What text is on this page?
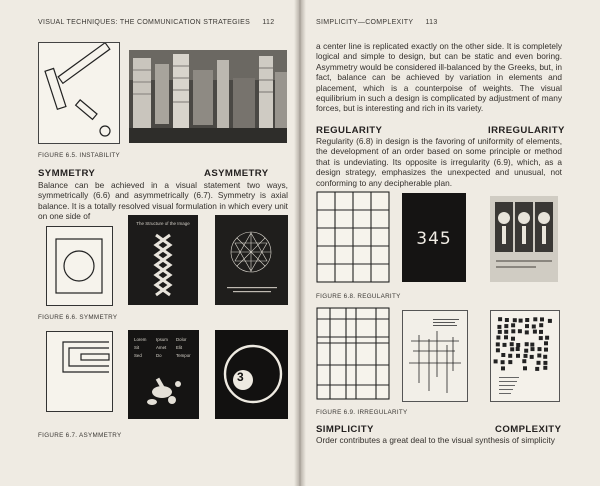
VISUAL TECHNIQUES: THE COMMUNICATION STRATEGIES 112
FIGURE 6.5. INSTABILITY
SYMMETRY	ASYMMETRY

Balance can be achieved in a visual statement two ways, symmetrically (6.6) and asymmetrically (6.7). Symmetry is axial balance. It is a totally resolved visual formulation in which every unit on one side of

The Structure of the Image
FIGURE 6.6. SYMMETRY
Lorem Ipsum Dolor
Sit	Amet Elit
Sed	Do	Tempor
3
FIGURE 6.7. ASYMMETRY
SIMPLICITY—COMPLEXITY 113

a center line is replicated exactly on the other side. It is completely logical and simple to design, but can be static and even boring. Asymmetry would be considered ill-balanced by the Greeks, but, in fact, balance can be achieved by variation in elements and placement, which is a counterpoise of weights. The visual equilibrium in such a design is complicated by adjustment of many forces, but is interesting and rich in its variety.

REGULARITY	IRREGULARITY

Regularity (6.8) in design is the favoring of uniformity of elements, the development of an order based on some principle or method that is undeviating. Its opposite is irregularity (6.9), which, as a design strategy, emphasizes the unexpected and unusual, not conforming to any decipherable plan.

345
FIGURE 6.8. REGULARITY
FIGURE 6.9. IRREGULARITY
SIMPLICITY	COMPLEXITY

Order contributes a great deal to the visual synthesis of simplicity
